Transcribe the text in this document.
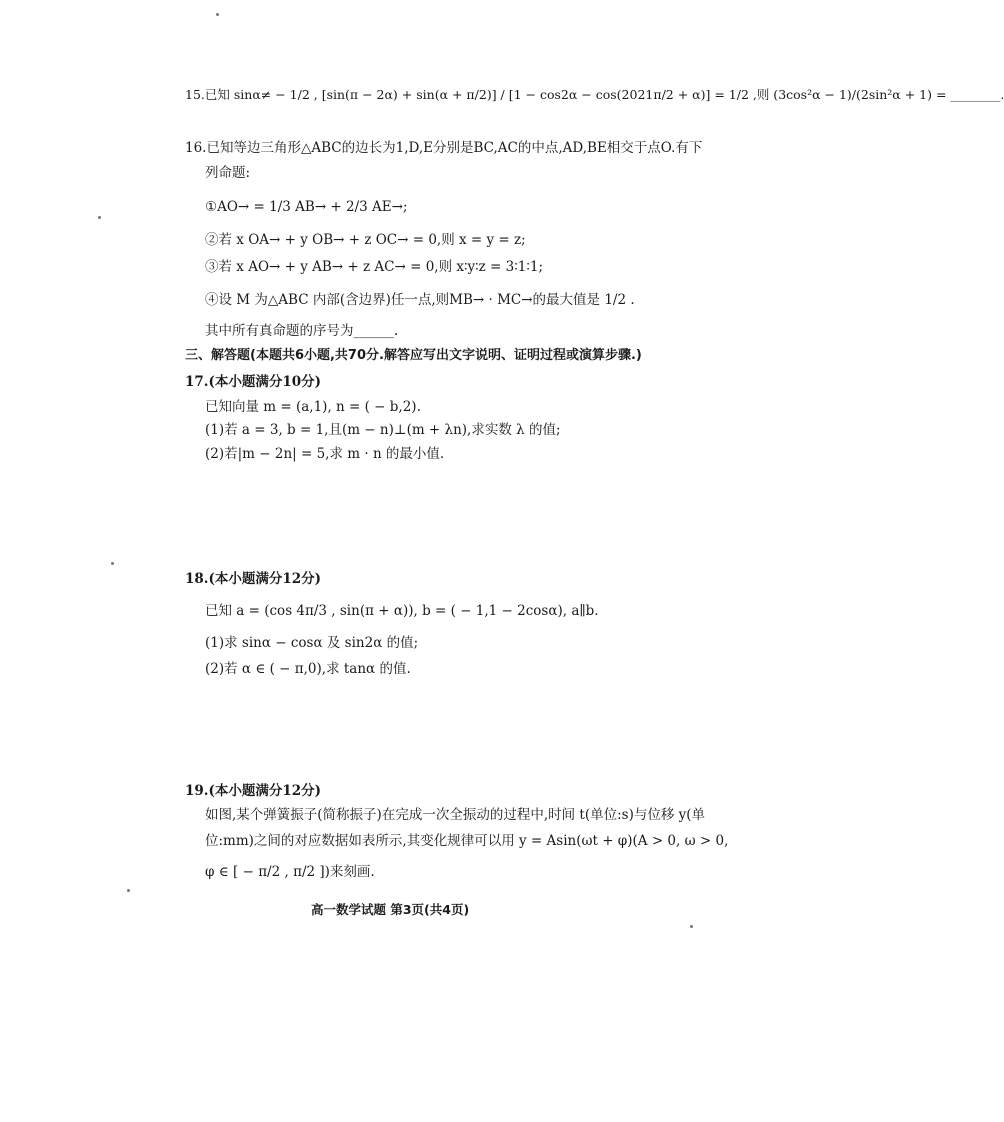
15.已知 sinα≠ − 1/2 , [sin(π − 2α) + sin(α + π/2)] / [1 − cos2α − cos(2021π/2 + α)] = 1/2 ,则 (3cos²α − 1)/(2sin²α + 1) = ________.
16.已知等边三角形△ABC的边长为1,D,E分别是BC,AC的中点,AD,BE相交于点O.有下
列命题:
①AO→ = 1/3 AB→ + 2/3 AE→;
②若 x OA→ + y OB→ + z OC→ = 0,则 x = y = z;
③若 x AO→ + y AB→ + z AC→ = 0,则 x∶y∶z = 3∶1∶1;
④设 M 为△ABC 内部(含边界)任一点,则MB→ · MC→的最大值是 1/2 .
其中所有真命题的序号为______.
三、解答题(本题共6小题,共70分.解答应写出文字说明、证明过程或演算步骤.)
17.(本小题满分10分)
已知向量 m = (a,1), n = ( − b,2).
(1)若 a = 3, b = 1,且(m − n)⊥(m + λn),求实数 λ 的值;
(2)若|m − 2n| = 5,求 m · n 的最小值.
18.(本小题满分12分)
已知 a = (cos 4π/3 , sin(π + α)), b = ( − 1,1 − 2cosα), a∥b.
(1)求 sinα − cosα 及 sin2α 的值;
(2)若 α ∈ ( − π,0),求 tanα 的值.
19.(本小题满分12分)
如图,某个弹簧振子(简称振子)在完成一次全振动的过程中,时间 t(单位:s)与位移 y(单
位:mm)之间的对应数据如表所示,其变化规律可以用 y = Asin(ωt + φ)(A > 0, ω > 0,
φ ∈ [ − π/2 , π/2 ])来刻画.
高一数学试题 第3页(共4页)
